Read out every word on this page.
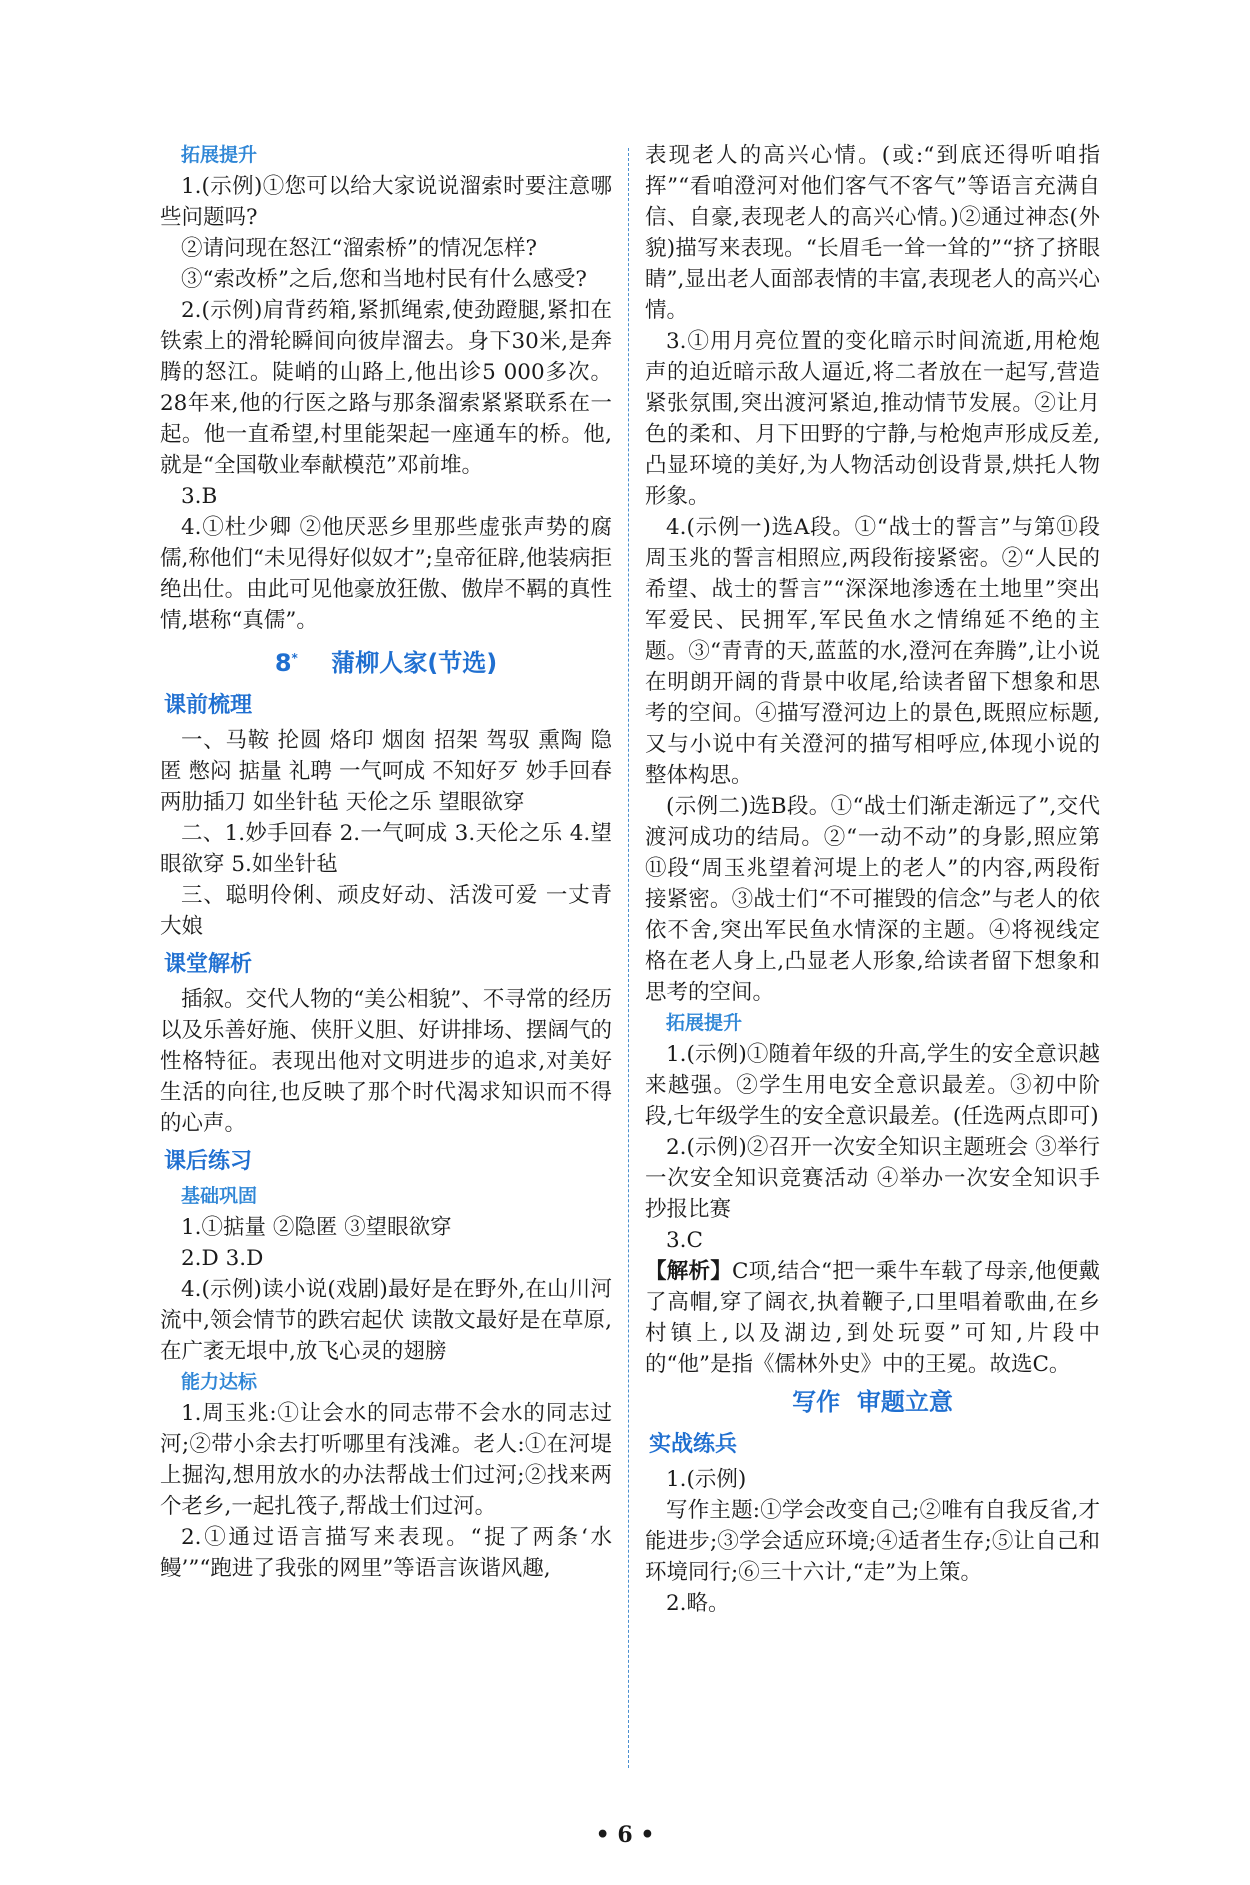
拓展提升

1.(示例)①您可以给大家说说溜索时要注意哪些问题吗?

②请问现在怒江“溜索桥”的情况怎样?

③“索改桥”之后,您和当地村民有什么感受?

2.(示例)肩背药箱,紧抓绳索,使劲蹬腿,紧扣在铁索上的滑轮瞬间向彼岸溜去。身下30米,是奔腾的怒江。陡峭的山路上,他出诊5 000多次。28年来,他的行医之路与那条溜索紧紧联系在一起。他一直希望,村里能架起一座通车的桥。他,就是“全国敬业奉献模范”邓前堆。

3.B

4.①杜少卿 ②他厌恶乡里那些虚张声势的腐儒,称他们“未见得好似奴才”;皇帝征辟,他装病拒绝出仕。由此可见他豪放狂傲、傲岸不羁的真性情,堪称“真儒”。

8* 蒲柳人家(节选)

课前梳理

一、马鞍 抡圆 烙印 烟囱 招架 驾驭 熏陶 隐匿 憋闷 掂量 礼聘 一气呵成 不知好歹 妙手回春 两肋插刀 如坐针毡 天伦之乐 望眼欲穿

二、1.妙手回春 2.一气呵成 3.天伦之乐 4.望眼欲穿 5.如坐针毡

三、聪明伶俐、顽皮好动、活泼可爱 一丈青大娘

课堂解析

插叙。交代人物的“美公相貌”、不寻常的经历以及乐善好施、侠肝义胆、好讲排场、摆阔气的性格特征。表现出他对文明进步的追求,对美好生活的向往,也反映了那个时代渴求知识而不得的心声。

课后练习

基础巩固

1.①掂量 ②隐匿 ③望眼欲穿

2.D 3.D

4.(示例)读小说(戏剧)最好是在野外,在山川河流中,领会情节的跌宕起伏 读散文最好是在草原,在广袤无垠中,放飞心灵的翅膀

能力达标

1.周玉兆:①让会水的同志带不会水的同志过河;②带小余去打听哪里有浅滩。老人:①在河堤上掘沟,想用放水的办法帮战士们过河;②找来两个老乡,一起扎筏子,帮战士们过河。

2.①通过语言描写来表现。“捉了两条‘水鳗’”“跑进了我张的网里”等语言诙谐风趣,

表现老人的高兴心情。(或:“到底还得听咱指挥”“看咱澄河对他们客气不客气”等语言充满自信、自豪,表现老人的高兴心情。)②通过神态(外貌)描写来表现。“长眉毛一耸一耸的”“挤了挤眼睛”,显出老人面部表情的丰富,表现老人的高兴心情。

3.①用月亮位置的变化暗示时间流逝,用枪炮声的迫近暗示敌人逼近,将二者放在一起写,营造紧张氛围,突出渡河紧迫,推动情节发展。②让月色的柔和、月下田野的宁静,与枪炮声形成反差,凸显环境的美好,为人物活动创设背景,烘托人物形象。

4.(示例一)选A段。①“战士的誓言”与第⑪段周玉兆的誓言相照应,两段衔接紧密。②“人民的希望、战士的誓言”“深深地渗透在土地里”突出军爱民、民拥军,军民鱼水之情绵延不绝的主题。③“青青的天,蓝蓝的水,澄河在奔腾”,让小说在明朗开阔的背景中收尾,给读者留下想象和思考的空间。④描写澄河边上的景色,既照应标题,又与小说中有关澄河的描写相呼应,体现小说的整体构思。

(示例二)选B段。①“战士们渐走渐远了”,交代渡河成功的结局。②“一动不动”的身影,照应第⑪段“周玉兆望着河堤上的老人”的内容,两段衔接紧密。③战士们“不可摧毁的信念”与老人的依依不舍,突出军民鱼水情深的主题。④将视线定格在老人身上,凸显老人形象,给读者留下想象和思考的空间。

拓展提升

1.(示例)①随着年级的升高,学生的安全意识越来越强。②学生用电安全意识最差。③初中阶段,七年级学生的安全意识最差。(任选两点即可)

2.(示例)②召开一次安全知识主题班会 ③举行一次安全知识竞赛活动 ④举办一次安全知识手抄报比赛

3.C

【解析】C项,结合“把一乘牛车载了母亲,他便戴了高帽,穿了阔衣,执着鞭子,口里唱着歌曲,在乡村镇上,以及湖边,到处玩耍”可知,片段中的“他”是指《儒林外史》中的王冕。故选C。

写作  审题立意

实战练兵

1.(示例)

写作主题:①学会改变自己;②唯有自我反省,才能进步;③学会适应环境;④适者生存;⑤让自己和环境同行;⑥三十六计,“走”为上策。

2.略。

• 6 •
